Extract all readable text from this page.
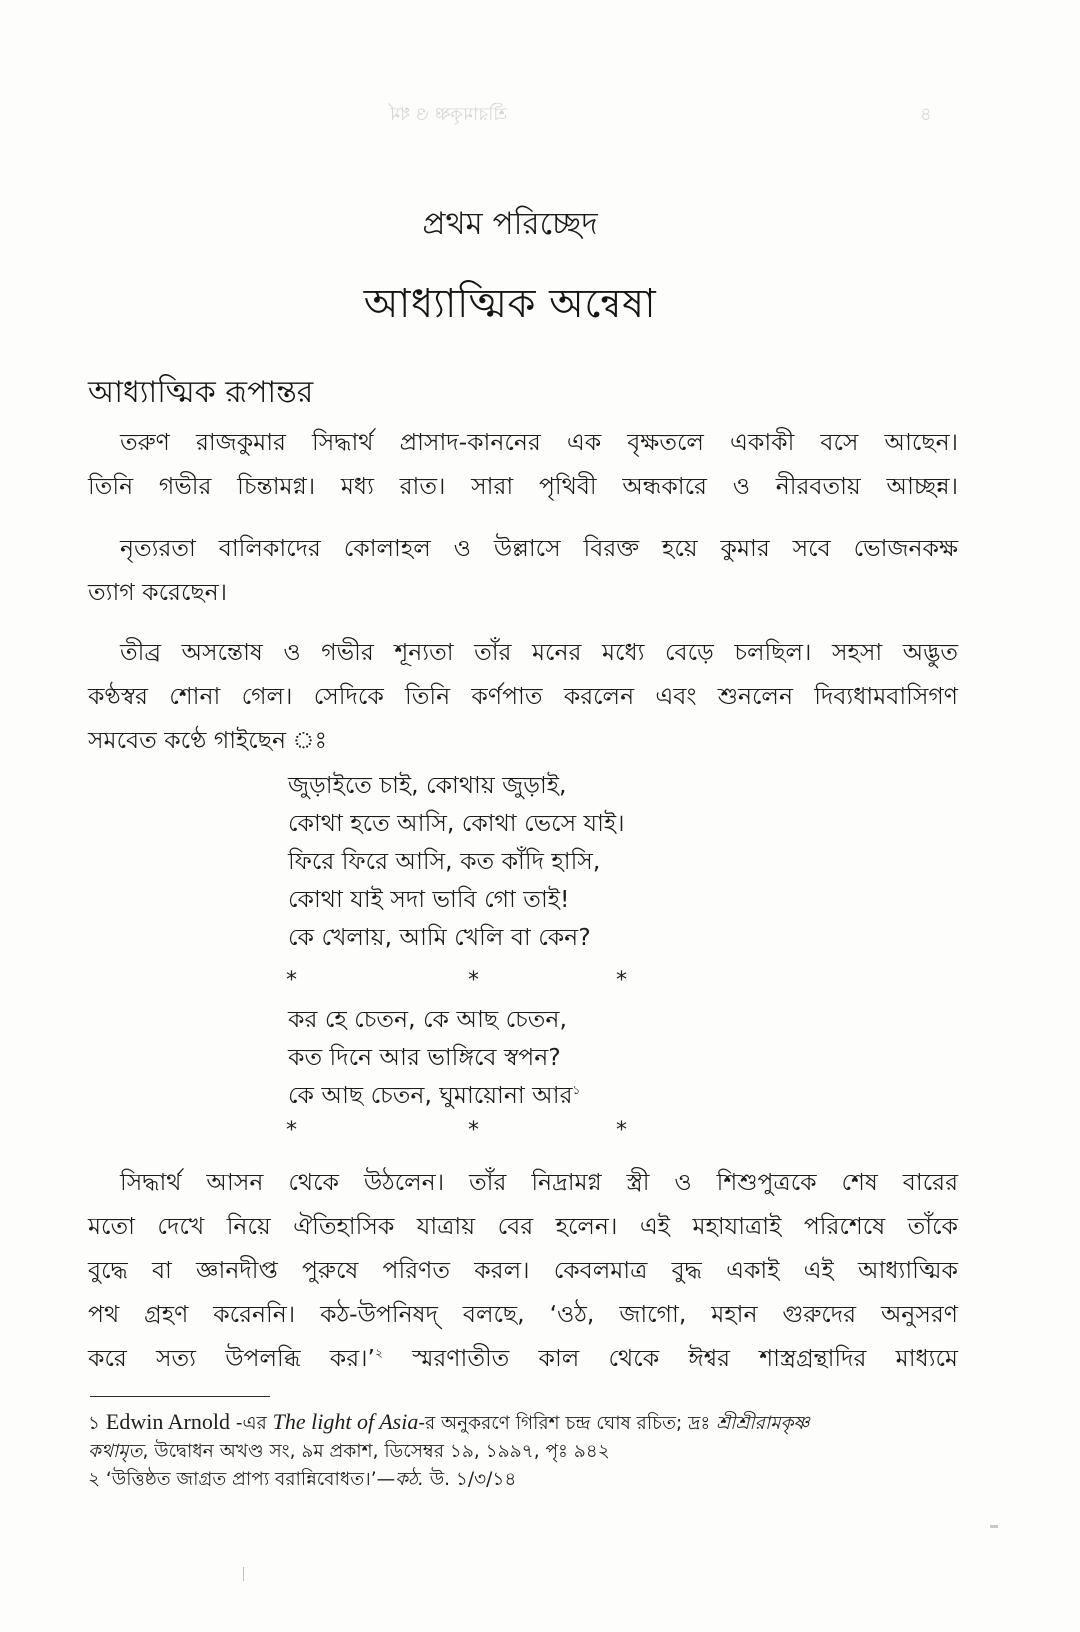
শ্রীরামকৃষ্ণ ও ধর্ম	৪
প্রথম পরিচ্ছেদ
আধ্যাত্মিক অন্বেষা
আধ্যাত্মিক রূপান্তর
তরুণ রাজকুমার সিদ্ধার্থ প্রাসাদ-কাননের এক বৃক্ষতলে একাকী বসে আছেন।
তিনি গভীর চিন্তামগ্ন। মধ্য রাত। সারা পৃথিবী অন্ধকারে ও নীরবতায় আচ্ছন্ন।
নৃত্যরতা বালিকাদের কোলাহল ও উল্লাসে বিরক্ত হয়ে কুমার সবে ভোজনকক্ষ
ত্যাগ করেছেন।
তীব্র অসন্তোষ ও গভীর শূন্যতা তাঁর মনের মধ্যে বেড়ে চলছিল। সহসা অদ্ভুত
কণ্ঠস্বর শোনা গেল। সেদিকে তিনি কর্ণপাত করলেন এবং শুনলেন দিব্যধামবাসিগণ
সমবেত কণ্ঠে গাইছেন ঃ
জুড়াইতে চাই, কোথায় জুড়াই,
কোথা হতে আসি, কোথা ভেসে যাই।
ফিরে ফিরে আসি, কত কাঁদি হাসি,
কোথা যাই সদা ভাবি গো তাই!
কে খেলায়, আমি খেলি বা কেন?
*	*	*
কর হে চেতন, কে আছ চেতন,
কত দিনে আর ভাঙ্গিবে স্বপন?
কে আছ চেতন, ঘুমায়োনা আর$^১$
*	*	*
সিদ্ধার্থ আসন থেকে উঠলেন। তাঁর নিদ্রামগ্ন স্ত্রী ও শিশুপুত্রকে শেষ বারের
মতো দেখে নিয়ে ঐতিহাসিক যাত্রায় বের হলেন। এই মহাযাত্রাই পরিশেষে তাঁকে
বুদ্ধে বা জ্ঞানদীপ্ত পুরুষে পরিণত করল। কেবলমাত্র বুদ্ধ একাই এই আধ্যাত্মিক
পথ গ্রহণ করেননি। কঠ-উপনিষদ্ বলছে, ‘ওঠ, জাগো, মহান গুরুদের অনুসরণ
করে সত্য উপলব্ধি কর।’$^২$ স্মরণাতীত কাল থেকে ঈশ্বর শাস্ত্রগ্রন্থাদির মাধ্যমে
১ Edwin Arnold -এর The light of Asia-র অনুকরণে গিরিশ চন্দ্র ঘোষ রচিত; দ্রঃ শ্রীশ্রীরামকৃষ্ণ
কথামৃত, উদ্বোধন অখণ্ড সং, ৯ম প্রকাশ, ডিসেম্বর ১৯, ১৯৯৭, পৃঃ ৯৪২
২ ‘উত্তিষ্ঠত জাগ্রত প্রাপ্য বরান্নিবোধত।’—কঠ. উ. ১/৩/১৪
